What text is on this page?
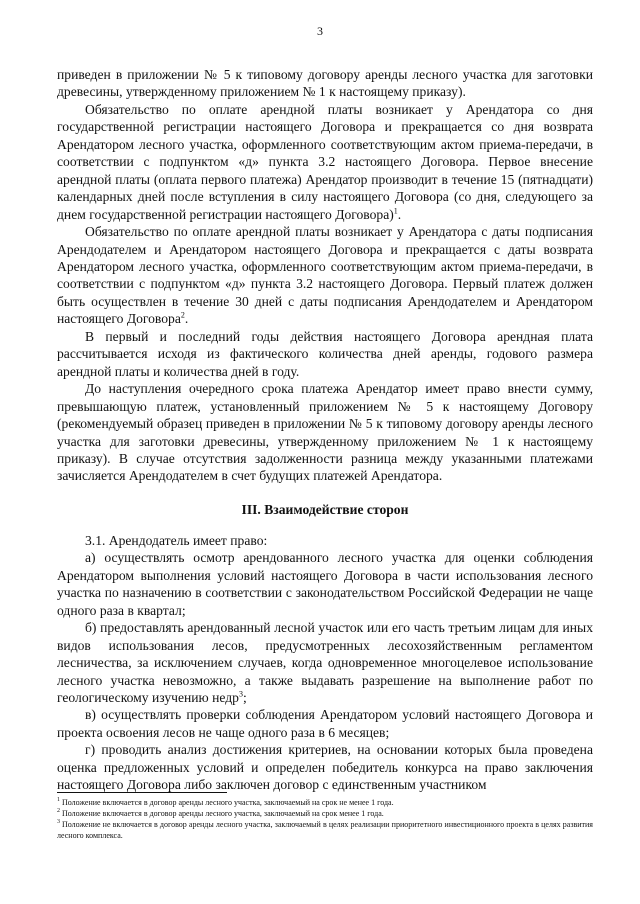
3

приведен в приложении № 5 к типовому договору аренды лесного участка для заготовки древесины, утвержденному приложением № 1 к настоящему приказу).

Обязательство по оплате арендной платы возникает у Арендатора со дня государственной регистрации настоящего Договора и прекращается со дня возврата Арендатором лесного участка, оформленного соответствующим актом приема-передачи, в соответствии с подпунктом «д» пункта 3.2 настоящего Договора. Первое внесение арендной платы (оплата первого платежа) Арендатор производит в течение 15 (пятнадцати) календарных дней после вступления в силу настоящего Договора (со дня, следующего за днем государственной регистрации настоящего Договора)$^1$.

Обязательство по оплате арендной платы возникает у Арендатора с даты подписания Арендодателем и Арендатором настоящего Договора и прекращается с даты возврата Арендатором лесного участка, оформленного соответствующим актом приема-передачи, в соответствии с подпунктом «д» пункта 3.2 настоящего Договора. Первый платеж должен быть осуществлен в течение 30 дней с даты подписания Арендодателем и Арендатором настоящего Договора$^2$.

В первый и последний годы действия настоящего Договора арендная плата рассчитывается исходя из фактического количества дней аренды, годового размера арендной платы и количества дней в году.

До наступления очередного срока платежа Арендатор имеет право внести сумму, превышающую платеж, установленный приложением № 5 к настоящему Договору (рекомендуемый образец приведен в приложении № 5 к типовому договору аренды лесного участка для заготовки древесины, утвержденному приложением № 1 к настоящему приказу). В случае отсутствия задолженности разница между указанными платежами зачисляется Арендодателем в счет будущих платежей Арендатора.

III. Взаимодействие сторон

3.1. Арендодатель имеет право:

а) осуществлять осмотр арендованного лесного участка для оценки соблюдения Арендатором выполнения условий настоящего Договора в части использования лесного участка по назначению в соответствии с законодательством Российской Федерации не чаще одного раза в квартал;

б) предоставлять арендованный лесной участок или его часть третьим лицам для иных видов использования лесов, предусмотренных лесохозяйственным регламентом лесничества, за исключением случаев, когда одновременное многоцелевое использование лесного участка невозможно, а также выдавать разрешение на выполнение работ по геологическому изучению недр$^3$;

в) осуществлять проверки соблюдения Арендатором условий настоящего Договора и проекта освоения лесов не чаще одного раза в 6 месяцев;

г) проводить анализ достижения критериев, на основании которых была проведена оценка предложенных условий и определен победитель конкурса на право заключения настоящего Договора либо заключен договор с единственным участником

$^1$ Положение включается в договор аренды лесного участка, заключаемый на срок не менее 1 года.

$^2$ Положение включается в договор аренды лесного участка, заключаемый на срок менее 1 года.

$^3$ Положение не включается в договор аренды лесного участка, заключаемый в целях реализации приоритетного инвестиционного проекта в целях развития лесного комплекса.
